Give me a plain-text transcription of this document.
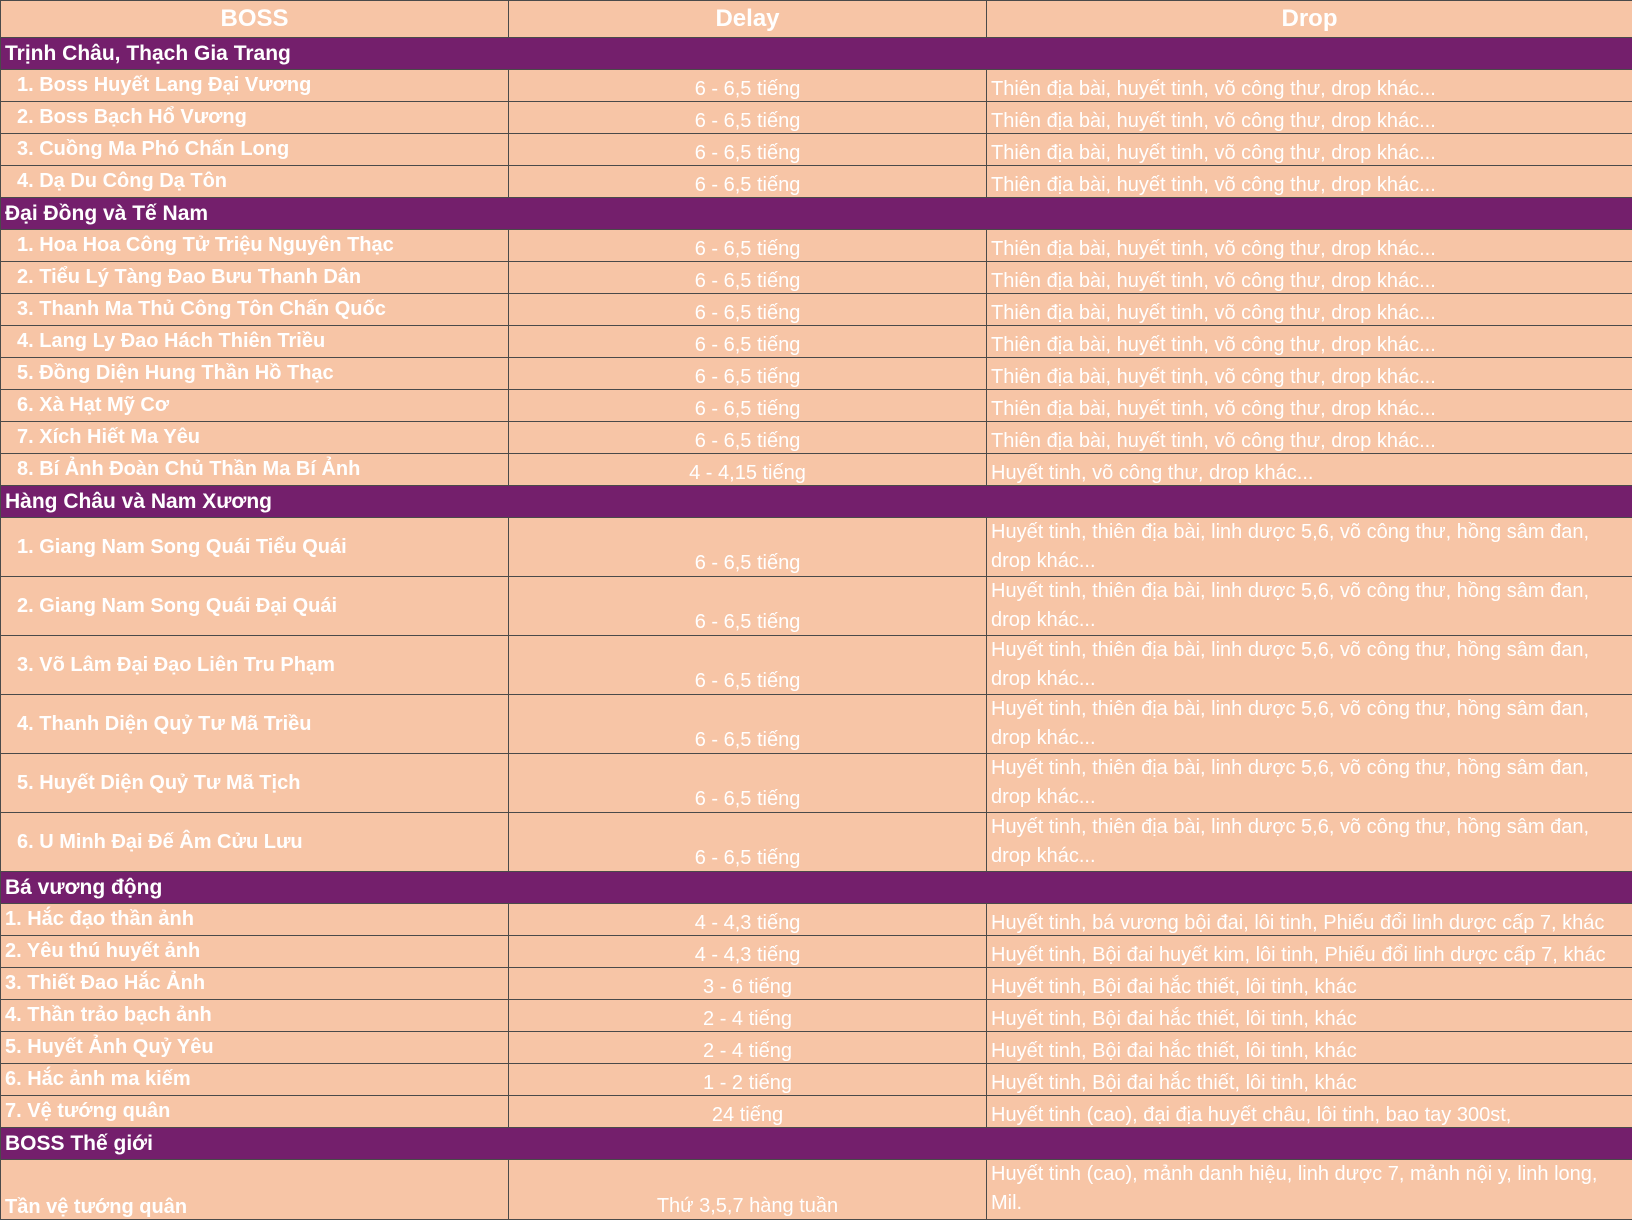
BOSS	Delay	Drop
Trịnh Châu, Thạch Gia Trang		
1. Boss Huyết Lang Đại Vương	6 - 6,5 tiếng	Thiên địa bài, huyết tinh, võ công thư, drop khác...
2. Boss Bạch Hổ Vương	6 - 6,5 tiếng	Thiên địa bài, huyết tinh, võ công thư, drop khác...
3. Cuồng Ma Phó Chấn Long	6 - 6,5 tiếng	Thiên địa bài, huyết tinh, võ công thư, drop khác...
4. Dạ Du Công Dạ Tôn	6 - 6,5 tiếng	Thiên địa bài, huyết tinh, võ công thư, drop khác...
Đại Đồng và Tế Nam		
1. Hoa Hoa Công Tử Triệu Nguyên Thạc	6 - 6,5 tiếng	Thiên địa bài, huyết tinh, võ công thư, drop khác...
2. Tiểu Lý Tàng Đao Bưu Thanh Dân	6 - 6,5 tiếng	Thiên địa bài, huyết tinh, võ công thư, drop khác...
3. Thanh Ma Thủ Công Tôn Chấn Quốc	6 - 6,5 tiếng	Thiên địa bài, huyết tinh, võ công thư, drop khác...
4. Lang Ly Đao Hách Thiên Triều	6 - 6,5 tiếng	Thiên địa bài, huyết tinh, võ công thư, drop khác...
5. Đồng Diện Hung Thần Hồ Thạc	6 - 6,5 tiếng	Thiên địa bài, huyết tinh, võ công thư, drop khác...
6. Xà Hạt Mỹ Cơ	6 - 6,5 tiếng	Thiên địa bài, huyết tinh, võ công thư, drop khác...
7. Xích Hiết Ma Yêu	6 - 6,5 tiếng	Thiên địa bài, huyết tinh, võ công thư, drop khác...
8. Bí Ảnh Đoàn Chủ Thần Ma Bí Ảnh	4 - 4,15 tiếng	Huyết tinh, võ công thư, drop khác...
Hàng Châu và Nam Xương		
1. Giang Nam Song Quái Tiểu Quái	6 - 6,5 tiếng	Huyết tinh, thiên địa bài, linh dược 5,6, võ công thư, hồng sâm đan, drop khác...
2. Giang Nam Song Quái Đại Quái	6 - 6,5 tiếng	Huyết tinh, thiên địa bài, linh dược 5,6, võ công thư, hồng sâm đan, drop khác...
3. Võ Lâm Đại Đạo Liên Tru Phạm	6 - 6,5 tiếng	Huyết tinh, thiên địa bài, linh dược 5,6, võ công thư, hồng sâm đan, drop khác...
4. Thanh Diện Quỷ Tư Mã Triều	6 - 6,5 tiếng	Huyết tinh, thiên địa bài, linh dược 5,6, võ công thư, hồng sâm đan, drop khác...
5. Huyết Diện Quỷ Tư Mã Tịch	6 - 6,5 tiếng	Huyết tinh, thiên địa bài, linh dược 5,6, võ công thư, hồng sâm đan, drop khác...
6. U Minh Đại Đế Âm Cửu Lưu	6 - 6,5 tiếng	Huyết tinh, thiên địa bài, linh dược 5,6, võ công thư, hồng sâm đan, drop khác...
Bá vương động		
1. Hắc đạo thần ảnh	4 - 4,3 tiếng	Huyết tinh, bá vương bội đai, lôi tinh, Phiếu đổi linh dược cấp 7, khác
2. Yêu thú huyết ảnh	4 - 4,3 tiếng	Huyết tinh, Bội đai huyết kim, lôi tinh, Phiếu đổi linh dược cấp 7, khác
3. Thiết Đao Hắc Ảnh	3 - 6 tiếng	Huyết tinh, Bội đai hắc thiết, lôi tinh, khác
4. Thần trảo bạch ảnh	2 - 4 tiếng	Huyết tinh, Bội đai hắc thiết, lôi tinh, khác
5. Huyết Ảnh Quỷ Yêu	2 - 4 tiếng	Huyết tinh, Bội đai hắc thiết, lôi tinh, khác
6. Hắc ảnh ma kiếm	1 - 2 tiếng	Huyết tinh, Bội đai hắc thiết, lôi tinh, khác
7. Vệ tướng quân	24 tiếng	Huyết tinh (cao), đại địa huyết châu, lôi tinh, bao tay 300st,
BOSS Thế giới		
Tần vệ tướng quân	Thứ 3,5,7 hàng tuần	Huyết tinh (cao), mảnh danh hiệu, linh dược 7, mảnh nội y, linh long, Mil.
